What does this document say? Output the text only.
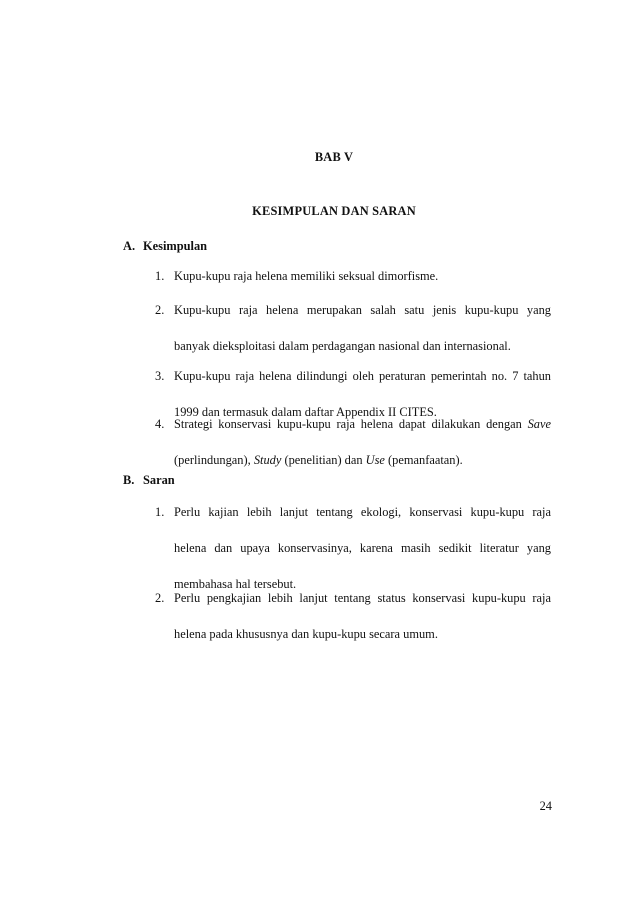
BAB V
KESIMPULAN DAN SARAN
A. Kesimpulan
1. Kupu-kupu raja helena memiliki seksual dimorfisme.
2. Kupu-kupu raja helena merupakan salah satu jenis kupu-kupu yang
banyak dieksploitasi dalam perdagangan nasional dan internasional.
3. Kupu-kupu raja helena dilindungi oleh peraturan pemerintah no. 7 tahun
1999 dan termasuk dalam daftar Appendix II CITES.
4. Strategi konservasi kupu-kupu raja helena dapat dilakukan dengan Save
(perlindungan), Study (penelitian) dan Use (pemanfaatan).
B. Saran
1. Perlu kajian lebih lanjut tentang ekologi, konservasi kupu-kupu raja
helena dan upaya konservasinya, karena masih sedikit literatur yang
membahasa hal tersebut.
2. Perlu pengkajian lebih lanjut tentang status konservasi kupu-kupu raja
helena pada khususnya dan kupu-kupu secara umum.
24
